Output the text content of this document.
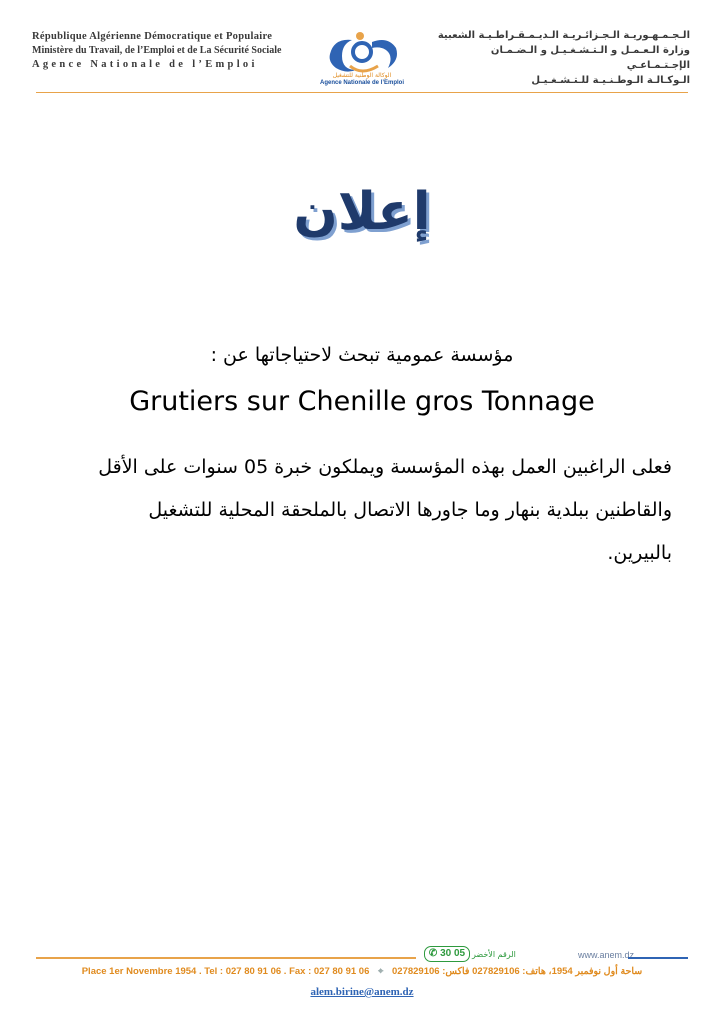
République Algérienne Démocratique et Populaire
Ministère du Travail, de l’Emploi et de La Sécurité Sociale
Agence Nationale de l’Emploi
الوكالة الوطنية للتشغيل
Agence Nationale de l’Emploi
الـجـمـهـوريـة الـجـزائـريـة الـديـمـقـراطـيـة الشعبية
وزارة الـعـمـل و الـتـشـغـيـل و الـضـمـان الإجـتـمـاعـي
الـوكـالـة الـوطـنـيـة للـتـشـغـيـل
إعلان
مؤسسة عمومية تبحث لاحتياجاتها عن :
Grutiers sur Chenille gros Tonnage
فعلى الراغبين العمل بهذه المؤسسة ويملكون خبرة 05 سنوات على الأقل
والقاطنين ببلدية بنهار وما جاورها الاتصال بالملحقة المحلية للتشغيل
بالبيرين.
www.anem.dz
الرقم الأخضر
✆ 30 05
Place 1er Novembre 1954 . Tel : 027 80 91 06 . Fax : 027 80 91 06 ⌖ ساحة أول نوفمبر 1954، هاتف: 027829106 فاكس: 027829106
alem.birine@anem.dz
